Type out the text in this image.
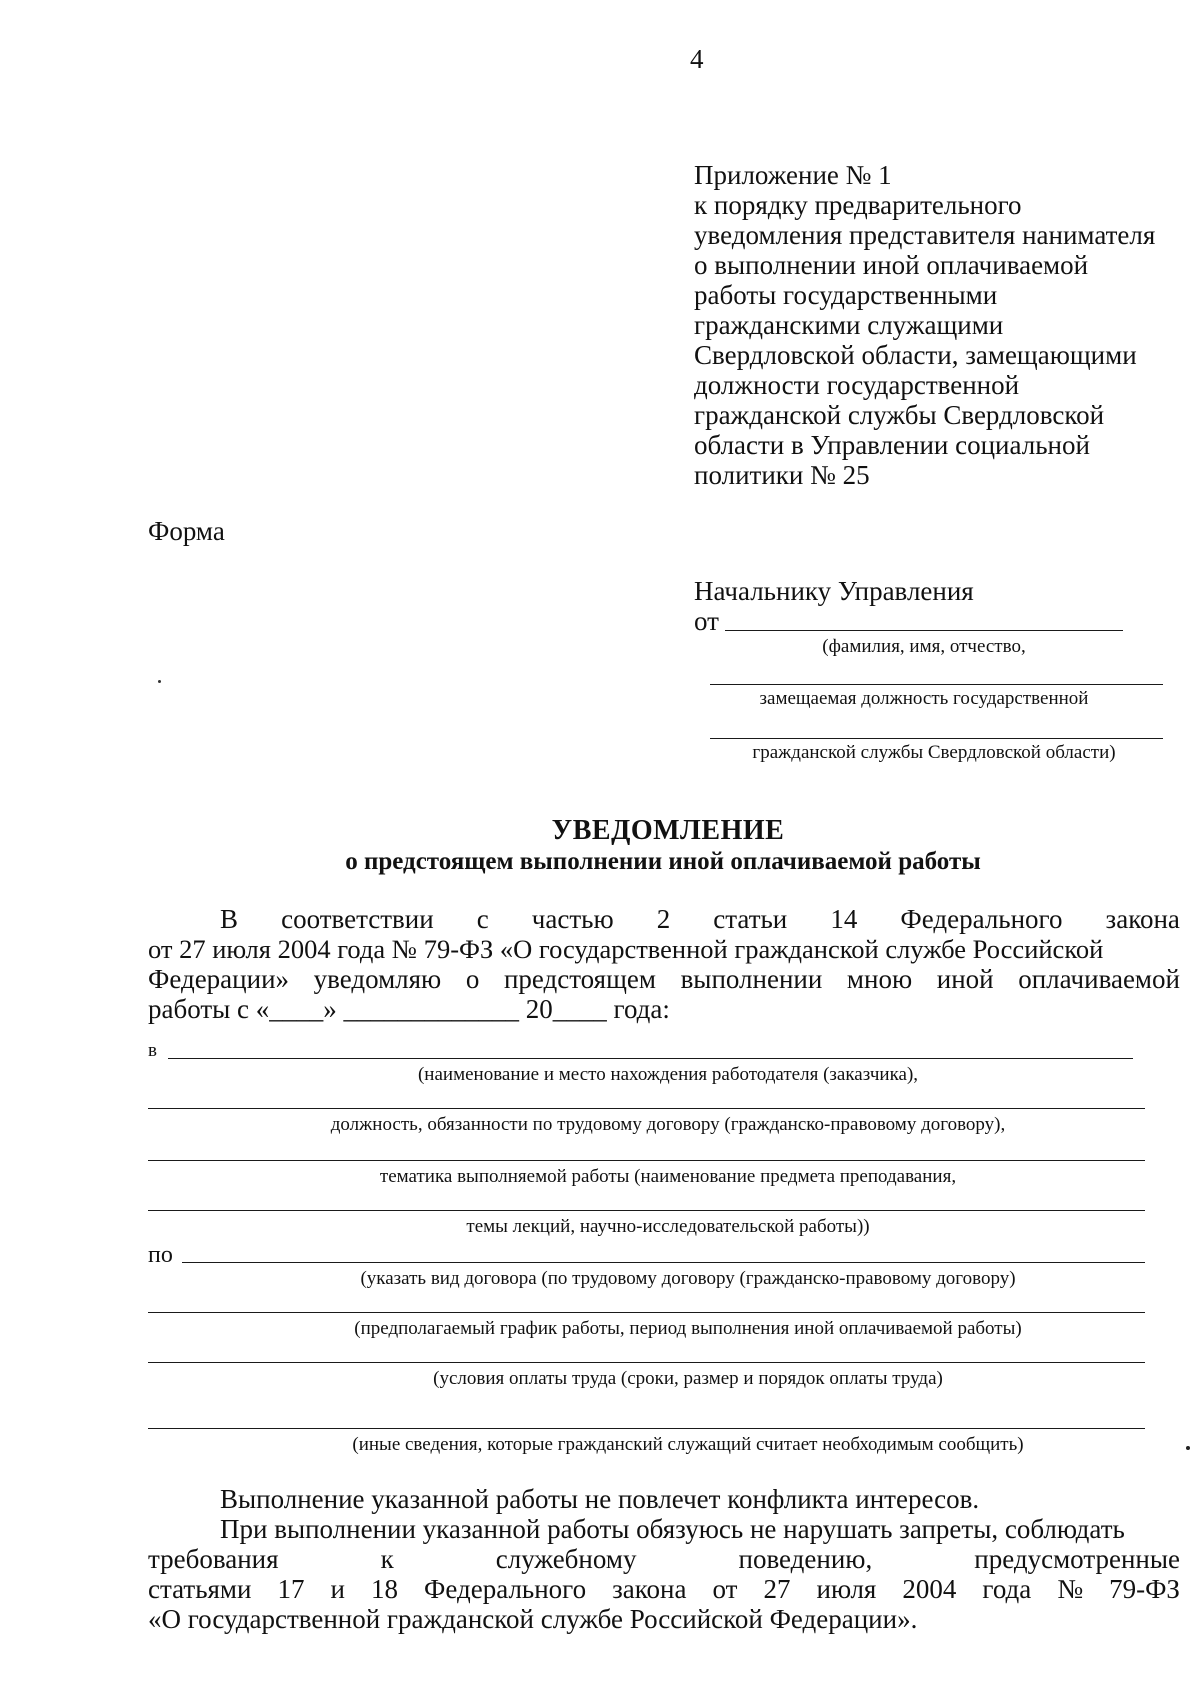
4
Приложение № 1
к порядку предварительного
уведомления представителя нанимателя
о выполнении иной оплачиваемой
работы государственными
гражданскими служащими
Свердловской области, замещающими
должности государственной
гражданской службы Свердловской
области в Управлении социальной
политики № 25
Форма
Начальнику Управления
от
(фамилия, имя, отчество,
замещаемая должность государственной
гражданской службы Свердловской области)
УВЕДОМЛЕНИЕ
о предстоящем выполнении иной оплачиваемой работы
В соответствии с частью 2 статьи 14 Федерального закона
от 27 июля 2004 года № 79-ФЗ «О государственной гражданской службе Российской
Федерации» уведомляю о предстоящем выполнении мною иной оплачиваемой
работы с «____» _____________ 20____ года:
в
(наименование и место нахождения работодателя (заказчика),
должность, обязанности по трудовому договору (гражданско-правовому договору),
тематика выполняемой работы (наименование предмета преподавания,
темы лекций, научно-исследовательской работы))
по
(указать вид договора (по трудовому договору (гражданско-правовому договору)
(предполагаемый график работы, период выполнения иной оплачиваемой работы)
(условия оплаты труда (сроки, размер и порядок оплаты труда)
(иные сведения, которые гражданский служащий считает необходимым сообщить)
Выполнение указанной работы не повлечет конфликта интересов.
При выполнении указанной работы обязуюсь не нарушать запреты, соблюдать
требования	к	служебному	поведению,	предусмотренные
статьями 17 и 18 Федерального закона от 27 июля 2004 года № 79-ФЗ
«О государственной гражданской службе Российской Федерации».
